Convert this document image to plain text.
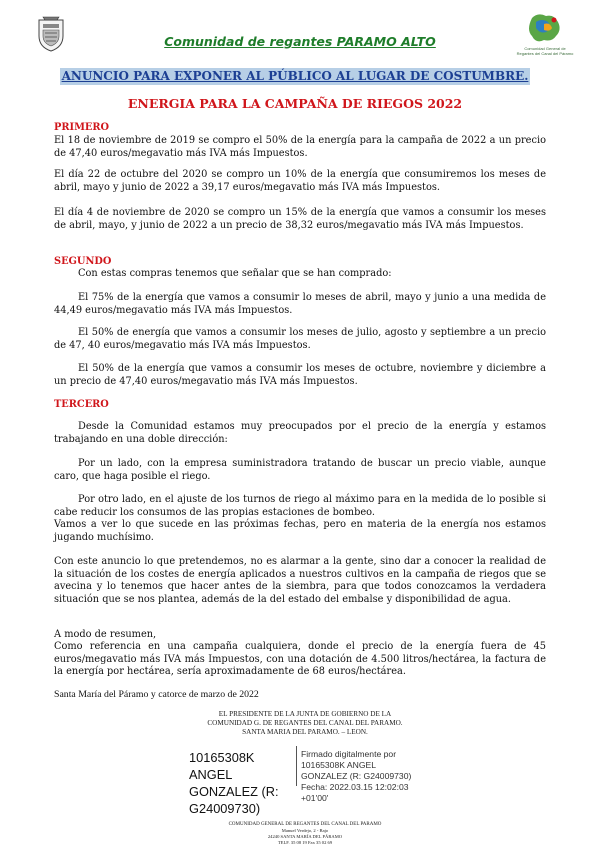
Comunidad General de Regantes del Canal del Páramo
Comunidad de regantes PARAMO ALTO
ANUNCIO PARA EXPONER AL PÚBLICO AL LUGAR DE COSTUMBRE.
ENERGIA PARA LA CAMPAÑA DE RIEGOS 2022
PRIMERO
El 18 de noviembre de 2019 se compro el 50% de la energía para la campaña de 2022 a un precio de 47,40 euros/megavatio más IVA más Impuestos.
El día 22 de octubre del 2020 se compro un 10% de la energía que consumiremos los meses de abril, mayo y junio de 2022 a 39,17 euros/megavatio más IVA más Impuestos.
El día 4 de noviembre de 2020 se compro un 15% de la energía que vamos a consumir los meses de abril, mayo, y junio de 2022 a un precio de 38,32 euros/megavatio más IVA más Impuestos.
SEGUNDO
Con estas compras tenemos que señalar que se han comprado:
El 75% de la energía que vamos a consumir lo meses de abril, mayo y junio a una medida de 44,49 euros/megavatio más IVA más Impuestos.
El 50% de energía que vamos a consumir los meses de julio, agosto y septiembre a un precio de 47, 40 euros/megavatio más IVA más Impuestos.
El 50% de la energía que vamos a consumir los meses de octubre, noviembre y diciembre a un precio de 47,40 euros/megavatio más IVA más Impuestos.
TERCERO
Desde la Comunidad estamos muy preocupados por el precio de la energía y estamos trabajando en una doble dirección:
Por un lado, con la empresa suministradora tratando de buscar un precio viable, aunque caro, que haga posible el riego.
Por otro lado, en el ajuste de los turnos de riego al máximo para en la medida de lo posible si cabe reducir los consumos de las propias estaciones de bombeo.
Vamos a ver lo que sucede en las próximas fechas, pero en materia de la energía nos estamos jugando muchísimo.
Con este anuncio lo que pretendemos, no es alarmar a la gente, sino dar a conocer la realidad de la situación de los costes de energía aplicados a nuestros cultivos en la campaña de riegos que se avecina y lo tenemos que hacer antes de la siembra, para que todos conozcamos la verdadera situación que se nos plantea, además de la del estado del embalse y disponibilidad de agua.
A modo de resumen,
Como referencia en una campaña cualquiera, donde el precio de la energía fuera de 45 euros/megavatio más IVA más Impuestos, con una dotación de 4.500 litros/hectárea, la factura de la energía por hectárea, sería aproximadamente de 68 euros/hectárea.
Santa María del Páramo y catorce de marzo de 2022
EL PRESIDENTE DE LA JUNTA DE GOBIERNO DE LA
COMUNIDAD G. DE REGANTES DEL CANAL DEL PARAMO.
SANTA MARIA DEL PARAMO. – LEON.
10165308K ANGEL
GONZALEZ (R:
G24009730)
Firmado digitalmente por
10165308K ANGEL
GONZALEZ (R: G24009730)
Fecha: 2022.03.15 12:02:03
+01'00'
COMUNIDAD GENERAL DE REGANTES DEL CANAL DEL PARAMO
Manuel Verdejo, 2 - Bajo
24240 SANTA MARÍA DEL PÁRAMO
TELF. 35 08 19 Fax 35 02 69
